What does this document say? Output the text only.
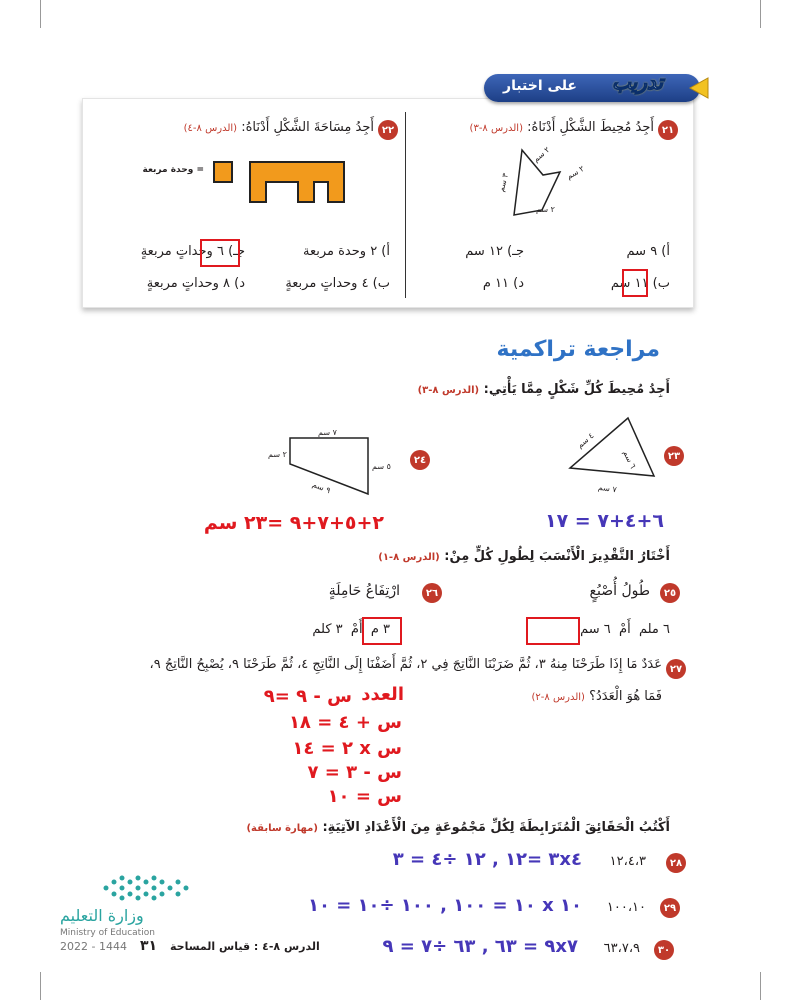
على اختبار تدريب
٢١
أَجِدُ مُحِيطَ الشَّكْلِ أَدْنَاهُ: (الدرس ٨-٣)
٢ سم
٢ سم
٢ سم
٣ سم
أ) ٩ سم
جـ) ١٢ سم
ب) ١١ سم
د) ١١ م
٢٢
أَجِدُ مِسَاحَةَ الشَّكْلِ أَدْنَاهُ: (الدرس ٨-٤)
= وحدة مربعة
أ) ٢ وحدة مربعة
جـ) ٦ وحداتٍ مربعةٍ
ب) ٤ وحداتٍ مربعةٍ
د) ٨ وحداتٍ مربعةٍ
مراجعة تراكمية
أَجِدُ مُحِيطَ كُلِّ شَكْلٍ مِمَّا يَأْتِي: (الدرس ٨-٣)
٢٣
٦ سم
٤ سم
٧ سم
٦+٤+٧ = ١٧
٢٤
٧ سم
٢ سم
٥ سم
٩ سم
٢+٥+٧+٩ =٢٣ سم
أَخْتَارُ التَّقْدِيرَ الْأَنْسَبَ لِطُولِ كُلٍّ مِنْ: (الدرس ٨-١)
٢٥
طُولُ أُصْبُعٍ
٦ ملم  أَمْ  ٦ سم
٢٦
ارْتِفَاعُ حَامِلَةٍ
٣ م  أَمْ  ٣ كلم
٢٧
عَدَدٌ مَا إِذَا طَرَحْنَا مِنهُ ٣، ثُمَّ ضَرَبْنَا النَّاتِجَ فِي ٢، ثُمَّ أَضَفْنَا إِلَى النَّاتِجِ ٤، ثُمَّ طَرَحْنَا ٩، يُصْبِحُ النَّاتِجُ ٩،
فَمَا هُوَ الْعَدَدُ؟ (الدرس ٨-٢)
العدد
س - ٩ =٩
س + ٤ = ١٨
س x ٢ = ١٤
س - ٣ = ٧
س = ١٠
أَكْتُبُ الْحَقَائِقَ الْمُتَرَابِطَةَ لِكُلِّ مَجْمُوعَةٍ مِنَ الْأَعْدَادِ الآتِيَةِ: (مهارة سابقة)
٢٨
١٢،٤،٣
٣x٤ =١٢ , ١٢ ÷٤ = ٣
٢٩
١٠٠،١٠
١٠ x ١٠ = ١٠٠ , ١٠٠ ÷١٠ = ١٠
٣٠
٦٣،٧،٩
٩x٧ = ٦٣ , ٦٣ ÷٧ = ٩
الدرس ٨-٤ : قياس المساحة
٣١
وزارة التعليم
Ministry of Education
2022 - 1444
